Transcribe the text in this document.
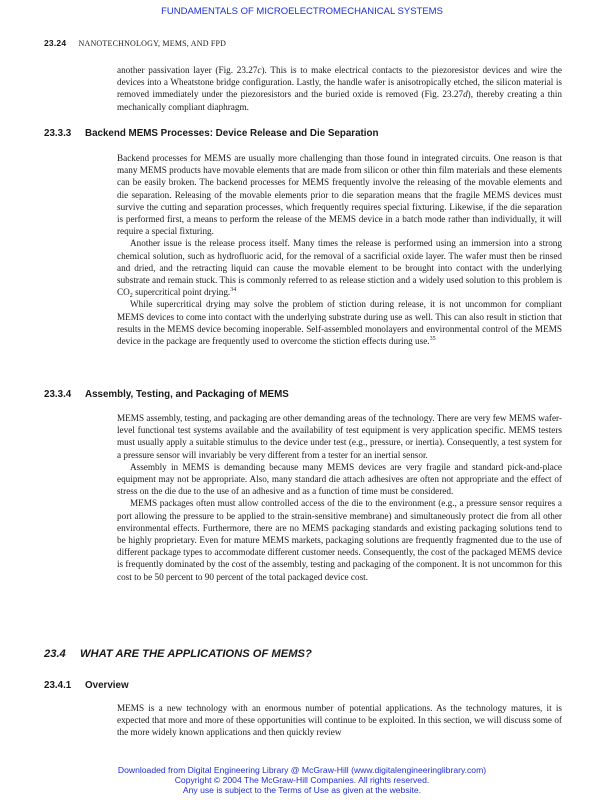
FUNDAMENTALS OF MICROELECTROMECHANICAL SYSTEMS
23.24 NANOTECHNOLOGY, MEMS, AND FPD

another passivation layer (Fig. 23.27c). This is to make electrical contacts to the piezoresistor devices and wire the devices into a Wheatstone bridge configuration. Lastly, the handle wafer is anisotropically etched, the silicon material is removed immediately under the piezoresistors and the buried oxide is removed (Fig. 23.27d), thereby creating a thin mechanically compliant diaphragm.

23.3.3 Backend MEMS Processes: Device Release and Die Separation

Backend processes for MEMS are usually more challenging than those found in integrated circuits. One reason is that many MEMS products have movable elements that are made from silicon or other thin film materials and these elements can be easily broken. The backend processes for MEMS frequently involve the releasing of the movable elements and die separation. Releasing of the movable elements prior to die separation means that the fragile MEMS devices must survive the cutting and separation processes, which frequently requires special fixturing. Likewise, if the die separation is performed first, a means to perform the release of the MEMS device in a batch mode rather than individually, it will require a special fixturing.

Another issue is the release process itself. Many times the release is performed using an immersion into a strong chemical solution, such as hydrofluoric acid, for the removal of a sacrificial oxide layer. The wafer must then be rinsed and dried, and the retracting liquid can cause the movable element to be brought into contact with the underlying substrate and remain stuck. This is commonly referred to as release stiction and a widely used solution to this problem is $CO_2$ supercritical point drying.$^{34}$

While supercritical drying may solve the problem of stiction during release, it is not uncommon for compliant MEMS devices to come into contact with the underlying substrate during use as well. This can also result in stiction that results in the MEMS device becoming inoperable. Self-assembled monolayers and environmental control of the MEMS device in the package are frequently used to overcome the stiction effects during use.$^{35}$

23.3.4 Assembly, Testing, and Packaging of MEMS

MEMS assembly, testing, and packaging are other demanding areas of the technology. There are very few MEMS wafer-level functional test systems available and the availability of test equipment is very application specific. MEMS testers must usually apply a suitable stimulus to the device under test (e.g., pressure, or inertia). Consequently, a test system for a pressure sensor will invariably be very different from a tester for an inertial sensor.

Assembly in MEMS is demanding because many MEMS devices are very fragile and standard pick-and-place equipment may not be appropriate. Also, many standard die attach adhesives are often not appropriate and the effect of stress on the die due to the use of an adhesive and as a function of time must be considered.

MEMS packages often must allow controlled access of the die to the environment (e.g., a pressure sensor requires a port allowing the pressure to be applied to the strain-sensitive membrane) and simultaneously protect die from all other environmental effects. Furthermore, there are no MEMS packaging standards and existing packaging solutions tend to be highly proprietary. Even for mature MEMS markets, packaging solutions are frequently fragmented due to the use of different package types to accommodate different customer needs. Consequently, the cost of the packaged MEMS device is frequently dominated by the cost of the assembly, testing and packaging of the component. It is not uncommon for this cost to be 50 percent to 90 percent of the total packaged device cost.

23.4 WHAT ARE THE APPLICATIONS OF MEMS?
23.4.1 Overview

MEMS is a new technology with an enormous number of potential applications. As the technology matures, it is expected that more and more of these opportunities will continue to be exploited. In this section, we will discuss some of the more widely known applications and then quickly review

Downloaded from Digital Engineering Library @ McGraw-Hill (www.digitalengineeringlibrary.com)
Copyright © 2004 The McGraw-Hill Companies. All rights reserved.
Any use is subject to the Terms of Use as given at the website.
